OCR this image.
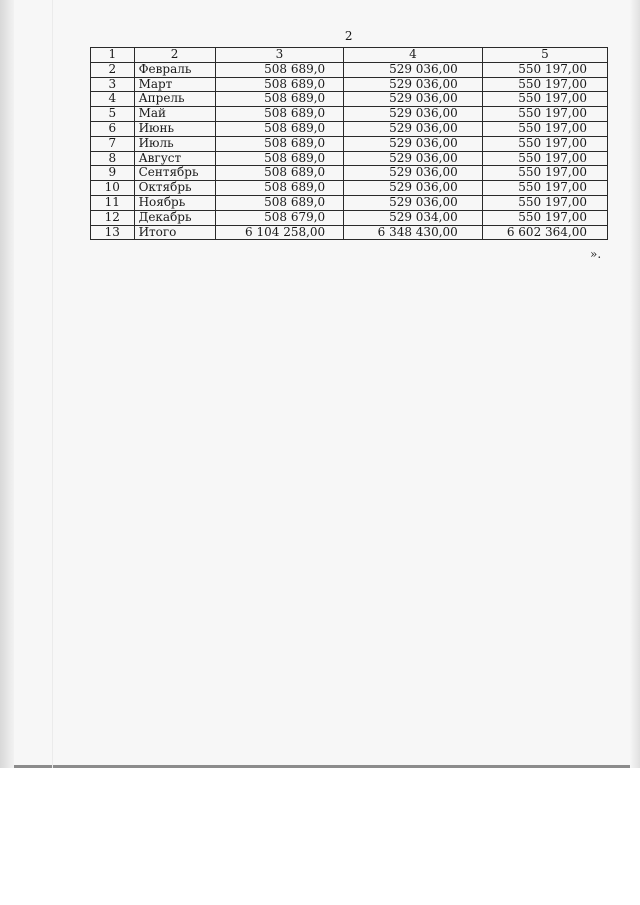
2
1	2	3	4	5
2	Февраль	508 689,0	529 036,00	550 197,00
3	Март	508 689,0	529 036,00	550 197,00
4	Апрель	508 689,0	529 036,00	550 197,00
5	Май	508 689,0	529 036,00	550 197,00
6	Июнь	508 689,0	529 036,00	550 197,00
7	Июль	508 689,0	529 036,00	550 197,00
8	Август	508 689,0	529 036,00	550 197,00
9	Сентябрь	508 689,0	529 036,00	550 197,00
10	Октябрь	508 689,0	529 036,00	550 197,00
11	Ноябрь	508 689,0	529 036,00	550 197,00
12	Декабрь	508 679,0	529 034,00	550 197,00
13	Итого	6 104 258,00	6 348 430,00	6 602 364,00
».
